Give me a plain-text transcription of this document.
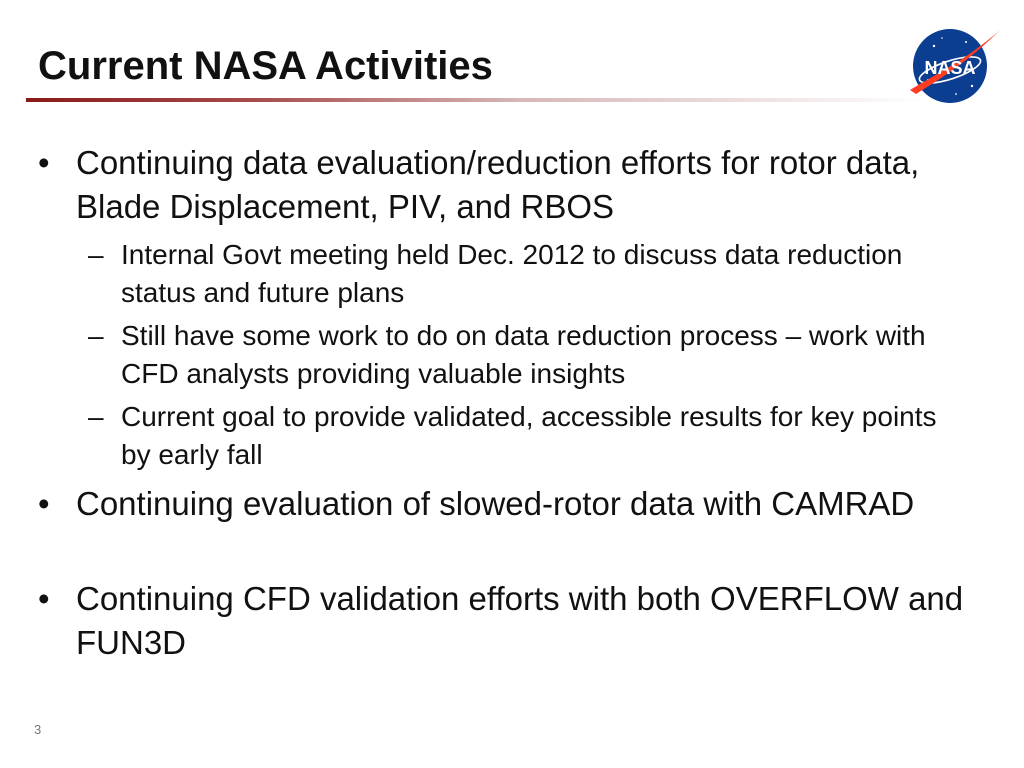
Current NASA Activities	NASA
• Continuing data evaluation/reduction efforts for rotor data, Blade Displacement, PIV, and RBOS
– Internal Govt meeting held Dec. 2012 to discuss data reduction status and future plans
– Still have some work to do on data reduction process – work with CFD analysts providing valuable insights
– Current goal to provide validated, accessible results for key points by early fall
• Continuing evaluation of slowed-rotor data with CAMRAD
• Continuing CFD validation efforts with both OVERFLOW and FUN3D
3
